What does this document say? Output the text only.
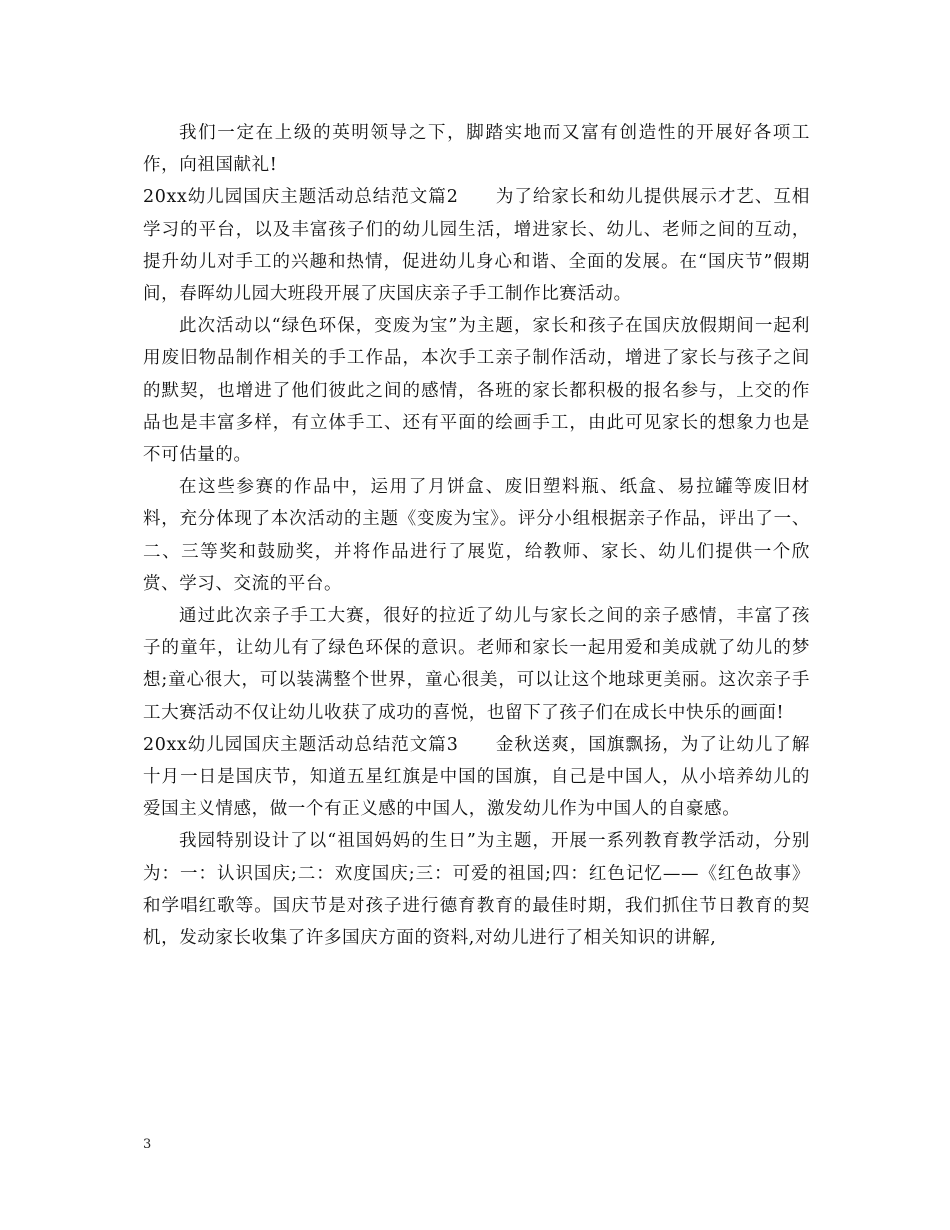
我们一定在上级的英明领导之下，脚踏实地而又富有创造性的开展好各项工作，向祖国献礼!

20xx幼儿园国庆主题活动总结范文篇2　　为了给家长和幼儿提供展示才艺、互相学习的平台，以及丰富孩子们的幼儿园生活，增进家长、幼儿、老师之间的互动，提升幼儿对手工的兴趣和热情，促进幼儿身心和谐、全面的发展。在“国庆节”假期间，春晖幼儿园大班段开展了庆国庆亲子手工制作比赛活动。

此次活动以“绿色环保，变废为宝”为主题，家长和孩子在国庆放假期间一起利用废旧物品制作相关的手工作品，本次手工亲子制作活动，增进了家长与孩子之间的默契，也增进了他们彼此之间的感情，各班的家长都积极的报名参与，上交的作品也是丰富多样，有立体手工、还有平面的绘画手工，由此可见家长的想象力也是不可估量的。

在这些参赛的作品中，运用了月饼盒、废旧塑料瓶、纸盒、易拉罐等废旧材料，充分体现了本次活动的主题《变废为宝》。评分小组根据亲子作品，评出了一、二、三等奖和鼓励奖，并将作品进行了展览，给教师、家长、幼儿们提供一个欣赏、学习、交流的平台。

通过此次亲子手工大赛，很好的拉近了幼儿与家长之间的亲子感情，丰富了孩子的童年，让幼儿有了绿色环保的意识。老师和家长一起用爱和美成就了幼儿的梦想;童心很大，可以装满整个世界，童心很美，可以让这个地球更美丽。这次亲子手工大赛活动不仅让幼儿收获了成功的喜悦，也留下了孩子们在成长中快乐的画面!

20xx幼儿园国庆主题活动总结范文篇3　　金秋送爽，国旗飘扬，为了让幼儿了解十月一日是国庆节，知道五星红旗是中国的国旗，自己是中国人，从小培养幼儿的爱国主义情感，做一个有正义感的中国人，激发幼儿作为中国人的自豪感。

我园特别设计了以“祖国妈妈的生日”为主题，开展一系列教育教学活动，分别为：一：认识国庆;二：欢度国庆;三：可爱的祖国;四：红色记忆——《红色故事》和学唱红歌等。国庆节是对孩子进行德育教育的最佳时期，我们抓住节日教育的契机，发动家长收集了许多国庆方面的资料,对幼儿进行了相关知识的讲解,

3
